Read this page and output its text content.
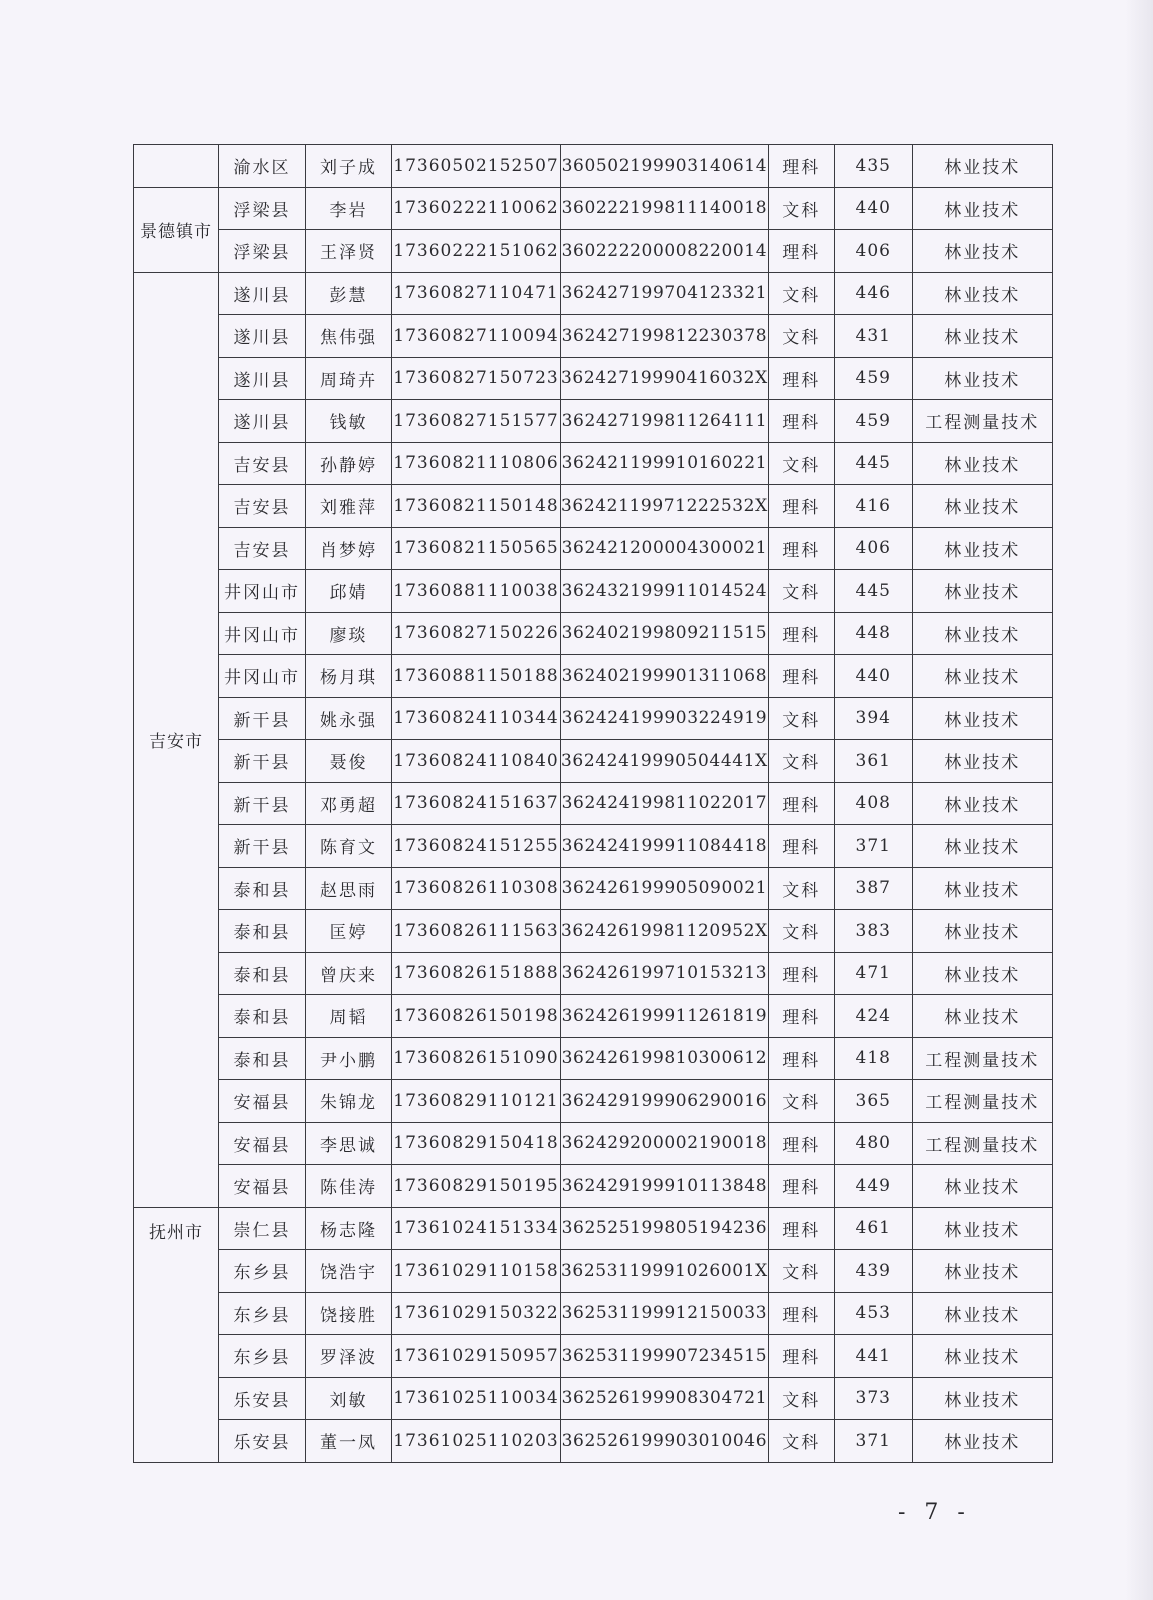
	渝水区	刘子成	17360502152507	360502199903140614	理科	435	林业技术
景德镇市	浮梁县	李岩	17360222110062	360222199811140018	文科	440	林业技术
	浮梁县	王泽贤	17360222151062	360222200008220014	理科	406	林业技术
吉安市	遂川县	彭慧	17360827110471	362427199704123321	文科	446	林业技术
	遂川县	焦伟强	17360827110094	362427199812230378	文科	431	林业技术
	遂川县	周琦卉	17360827150723	36242719990416032X	理科	459	林业技术
	遂川县	钱敏	17360827151577	362427199811264111	理科	459	工程测量技术
	吉安县	孙静婷	17360821110806	362421199910160221	文科	445	林业技术
	吉安县	刘雅萍	17360821150148	36242119971222532X	理科	416	林业技术
	吉安县	肖梦婷	17360821150565	362421200004300021	理科	406	林业技术
	井冈山市	邱婧	17360881110038	362432199911014524	文科	445	林业技术
	井冈山市	廖琰	17360827150226	362402199809211515	理科	448	林业技术
	井冈山市	杨月琪	17360881150188	362402199901311068	理科	440	林业技术
	新干县	姚永强	17360824110344	362424199903224919	文科	394	林业技术
	新干县	聂俊	17360824110840	36242419990504441X	文科	361	林业技术
	新干县	邓勇超	17360824151637	362424199811022017	理科	408	林业技术
	新干县	陈育文	17360824151255	362424199911084418	理科	371	林业技术
	泰和县	赵思雨	17360826110308	362426199905090021	文科	387	林业技术
	泰和县	匡婷	17360826111563	36242619981120952X	文科	383	林业技术
	泰和县	曾庆来	17360826151888	362426199710153213	理科	471	林业技术
	泰和县	周韬	17360826150198	362426199911261819	理科	424	林业技术
	泰和县	尹小鹏	17360826151090	362426199810300612	理科	418	工程测量技术
	安福县	朱锦龙	17360829110121	362429199906290016	文科	365	工程测量技术
	安福县	李思诚	17360829150418	362429200002190018	理科	480	工程测量技术
	安福县	陈佳涛	17360829150195	362429199910113848	理科	449	林业技术
抚州市	崇仁县	杨志隆	17361024151334	362525199805194236	理科	461	林业技术
	东乡县	饶浩宇	17361029110158	36253119991026001X	文科	439	林业技术
	东乡县	饶接胜	17361029150322	362531199912150033	理科	453	林业技术
	东乡县	罗泽波	17361029150957	362531199907234515	理科	441	林业技术
	乐安县	刘敏	17361025110034	362526199908304721	文科	373	林业技术
	乐安县	董一凤	17361025110203	362526199903010046	文科	371	林业技术
- 7 -
